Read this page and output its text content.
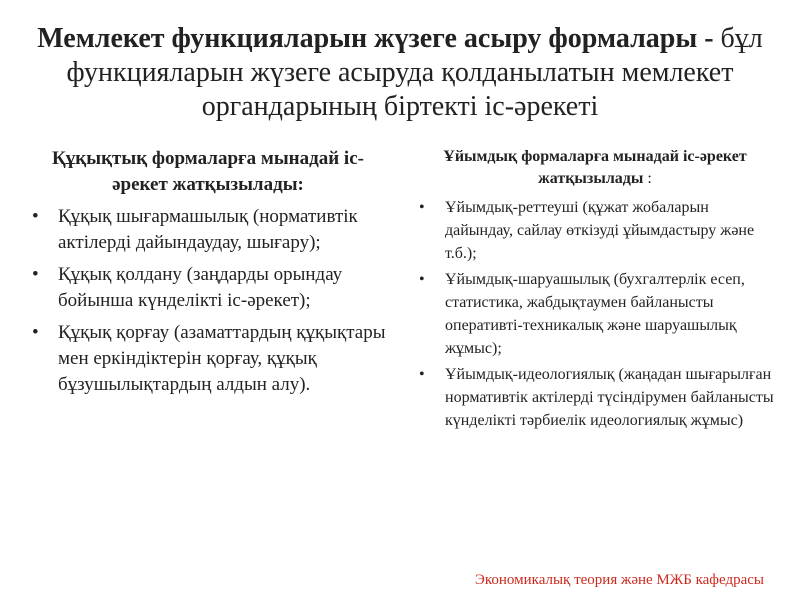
Мемлекет функцияларын жүзеге асыру формалары - бұл функцияларын жүзеге асыруда қолданылатын мемлекет органдарының біртекті іс-әрекеті
Құқықтық формаларға мынадай іс-әрекет жатқызылады:
• Құқық шығармашылық (нормативтік актілерді дайындаудау, шығару);
• Құқық қолдану (заңдарды орындау бойынша күнделікті іс-әрекет);
• Құқық қорғау (азаматтардың құқықтары мен еркіндіктерін қорғау, құқық бұзушылықтардың алдын алу).
Ұйымдық формаларға мынадай іс-әрекет жатқызылады :
• Ұйымдық-реттеуші (құжат жобаларын дайындау, сайлау өткізуді ұйымдастыру және т.б.);
• Ұйымдық-шаруашылық (бухгалтерлік есеп, статистика, жабдықтаумен байланысты оперативті-техникалық және шаруашылық жұмыс);
• Ұйымдық-идеологиялық (жаңадан шығарылған нормативтік актілерді түсіндірумен байланысты күнделікті тәрбиелік идеологиялық жұмыс)
Экономикалық теория және МЖБ кафедрасы
